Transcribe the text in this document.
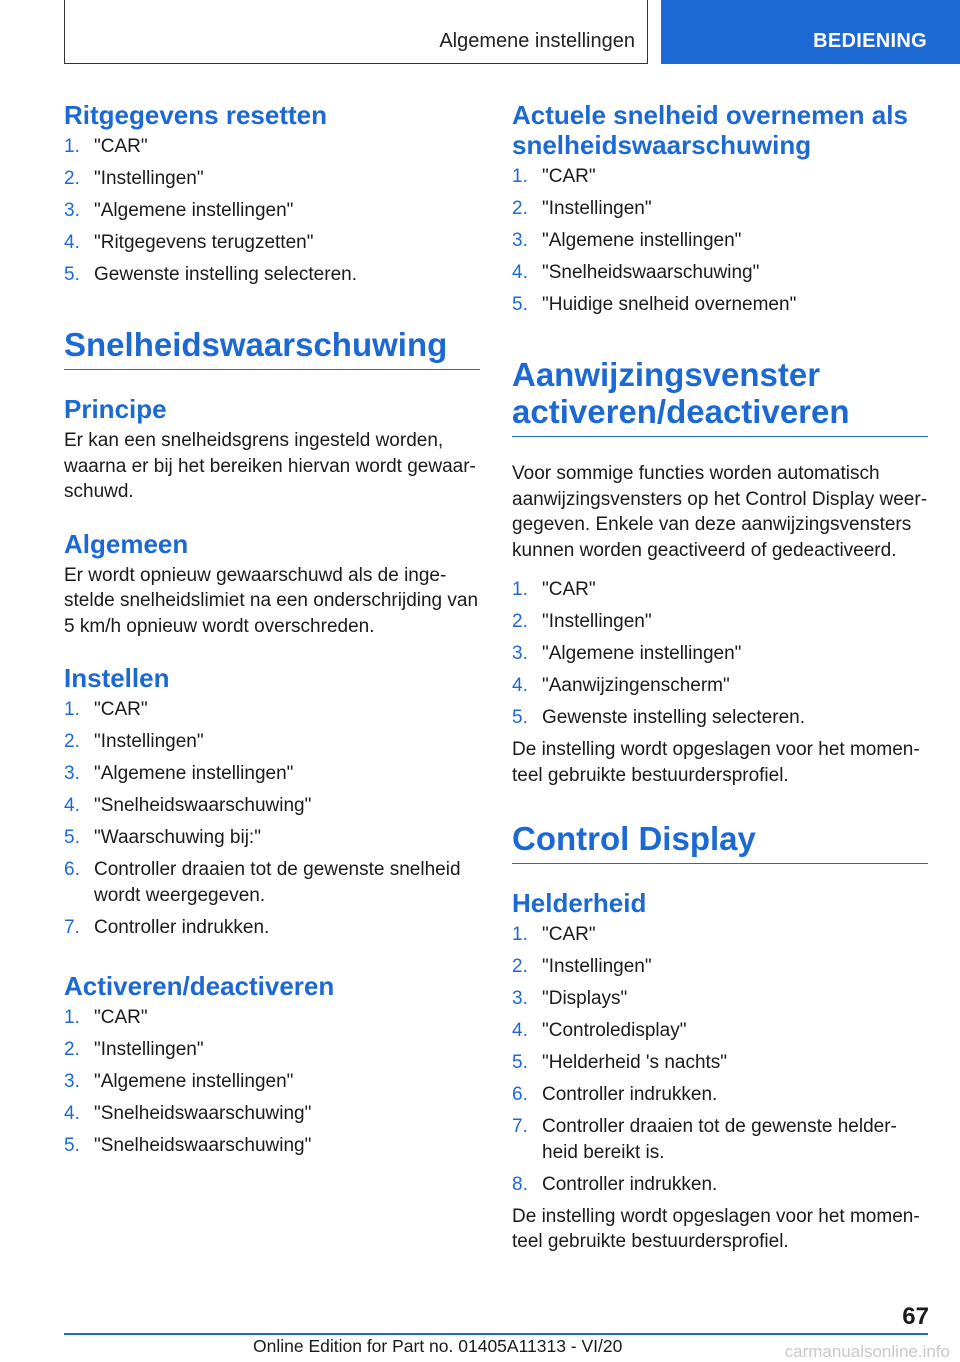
Algemene instellingen	BEDIENING
Ritgegevens resetten
1. "CAR"
2. "Instellingen"
3. "Algemene instellingen"
4. "Ritgegevens terugzetten"
5. Gewenste instelling selecteren.
Snelheidswaarschuwing
Principe

Er kan een snelheidsgrens ingesteld worden, waarna er bij het bereiken hiervan wordt gewaar-schuwd.

Algemeen

Er wordt opnieuw gewaarschuwd als de inge-stelde snelheidslimiet na een onderschrijding van 5 km/h opnieuw wordt overschreden.

Instellen
1. "CAR"
2. "Instellingen"
3. "Algemene instellingen"
4. "Snelheidswaarschuwing"
5. "Waarschuwing bij:"
6. Controller draaien tot de gewenste snelheid wordt weergegeven.
7. Controller indrukken.
Activeren/deactiveren
1. "CAR"
2. "Instellingen"
3. "Algemene instellingen"
4. "Snelheidswaarschuwing"
5. "Snelheidswaarschuwing"
Actuele snelheid overnemen als snelheidswaarschuwing
1. "CAR"
2. "Instellingen"
3. "Algemene instellingen"
4. "Snelheidswaarschuwing"
5. "Huidige snelheid overnemen"
Aanwijzingsvenster activeren/deactiveren

Voor sommige functies worden automatisch aanwijzingsvensters op het Control Display weer-gegeven. Enkele van deze aanwijzingsvensters kunnen worden geactiveerd of gedeactiveerd.

1. "CAR"
2. "Instellingen"
3. "Algemene instellingen"
4. "Aanwijzingenscherm"
5. Gewenste instelling selecteren.

De instelling wordt opgeslagen voor het momen-teel gebruikte bestuurdersprofiel.

Control Display
Helderheid
1. "CAR"
2. "Instellingen"
3. "Displays"
4. "Controledisplay"
5. "Helderheid 's nachts"
6. Controller indrukken.
7. Controller draaien tot de gewenste helder-heid bereikt is.
8. Controller indrukken.

De instelling wordt opgeslagen voor het momen-teel gebruikte bestuurdersprofiel.

67
Online Edition for Part no. 01405A11313 - VI/20	carmanualsonline.info
